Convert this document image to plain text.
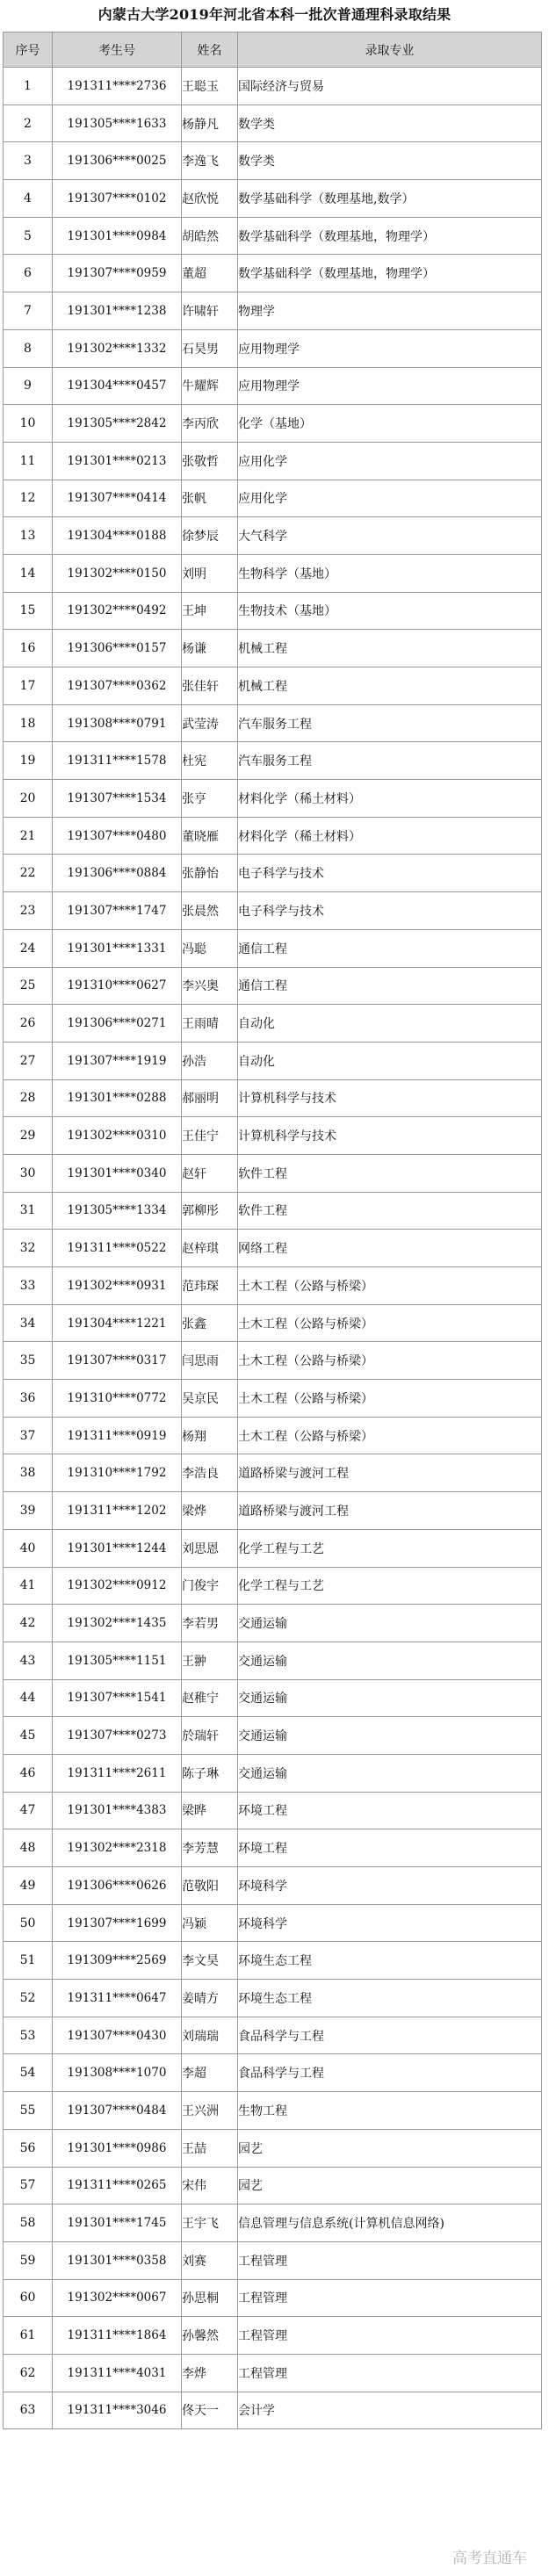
内蒙古大学2019年河北省本科一批次普通理科录取结果
序号	考生号	姓名	录取专业
1	191311****2736	王聪玉	国际经济与贸易
2	191305****1633	杨静凡	数学类
3	191306****0025	李逸飞	数学类
4	191307****0102	赵欣悦	数学基础科学（数理基地,数学）
5	191301****0984	胡皓然	数学基础科学（数理基地，物理学）
6	191307****0959	董超	数学基础科学（数理基地，物理学）
7	191301****1238	许啸轩	物理学
8	191302****1332	石昊男	应用物理学
9	191304****0457	牛耀辉	应用物理学
10	191305****2842	李丙欣	化学（基地）
11	191301****0213	张敬哲	应用化学
12	191307****0414	张帆	应用化学
13	191304****0188	徐梦辰	大气科学
14	191302****0150	刘明	生物科学（基地）
15	191302****0492	王坤	生物技术（基地）
16	191306****0157	杨谦	机械工程
17	191307****0362	张佳轩	机械工程
18	191308****0791	武莹涛	汽车服务工程
19	191311****1578	杜宪	汽车服务工程
20	191307****1534	张亨	材料化学（稀土材料）
21	191307****0480	董晓雁	材料化学（稀土材料）
22	191306****0884	张静怡	电子科学与技术
23	191307****1747	张晨然	电子科学与技术
24	191301****1331	冯聪	通信工程
25	191310****0627	李兴奥	通信工程
26	191306****0271	王雨晴	自动化
27	191307****1919	孙浩	自动化
28	191301****0288	郝丽明	计算机科学与技术
29	191302****0310	王佳宁	计算机科学与技术
30	191301****0340	赵轩	软件工程
31	191305****1334	郭柳彤	软件工程
32	191311****0522	赵梓琪	网络工程
33	191302****0931	范玮琛	土木工程（公路与桥梁）
34	191304****1221	张鑫	土木工程（公路与桥梁）
35	191307****0317	闫思雨	土木工程（公路与桥梁）
36	191310****0772	吴京民	土木工程（公路与桥梁）
37	191311****0919	杨翔	土木工程（公路与桥梁）
38	191310****1792	李浩良	道路桥梁与渡河工程
39	191311****1202	梁烨	道路桥梁与渡河工程
40	191301****1244	刘思恩	化学工程与工艺
41	191302****0912	门俊宇	化学工程与工艺
42	191302****1435	李若男	交通运输
43	191305****1151	王翀	交通运输
44	191307****1541	赵稚宁	交通运输
45	191307****0273	於瑞轩	交通运输
46	191311****2611	陈子琳	交通运输
47	191301****4383	梁晔	环境工程
48	191302****2318	李芳慧	环境工程
49	191306****0626	范敬阳	环境科学
50	191307****1699	冯颖	环境科学
51	191309****2569	李文昊	环境生态工程
52	191311****0647	姜晴方	环境生态工程
53	191307****0430	刘瑞瑞	食品科学与工程
54	191308****1070	李超	食品科学与工程
55	191307****0484	王兴洲	生物工程
56	191301****0986	王喆	园艺
57	191311****0265	宋伟	园艺
58	191301****1745	王宇飞	信息管理与信息系统(计算机信息网络)
59	191301****0358	刘赛	工程管理
60	191302****0067	孙思桐	工程管理
61	191311****1864	孙馨然	工程管理
62	191311****4031	李烨	工程管理
63	191311****3046	佟天一	会计学
高考直通车
